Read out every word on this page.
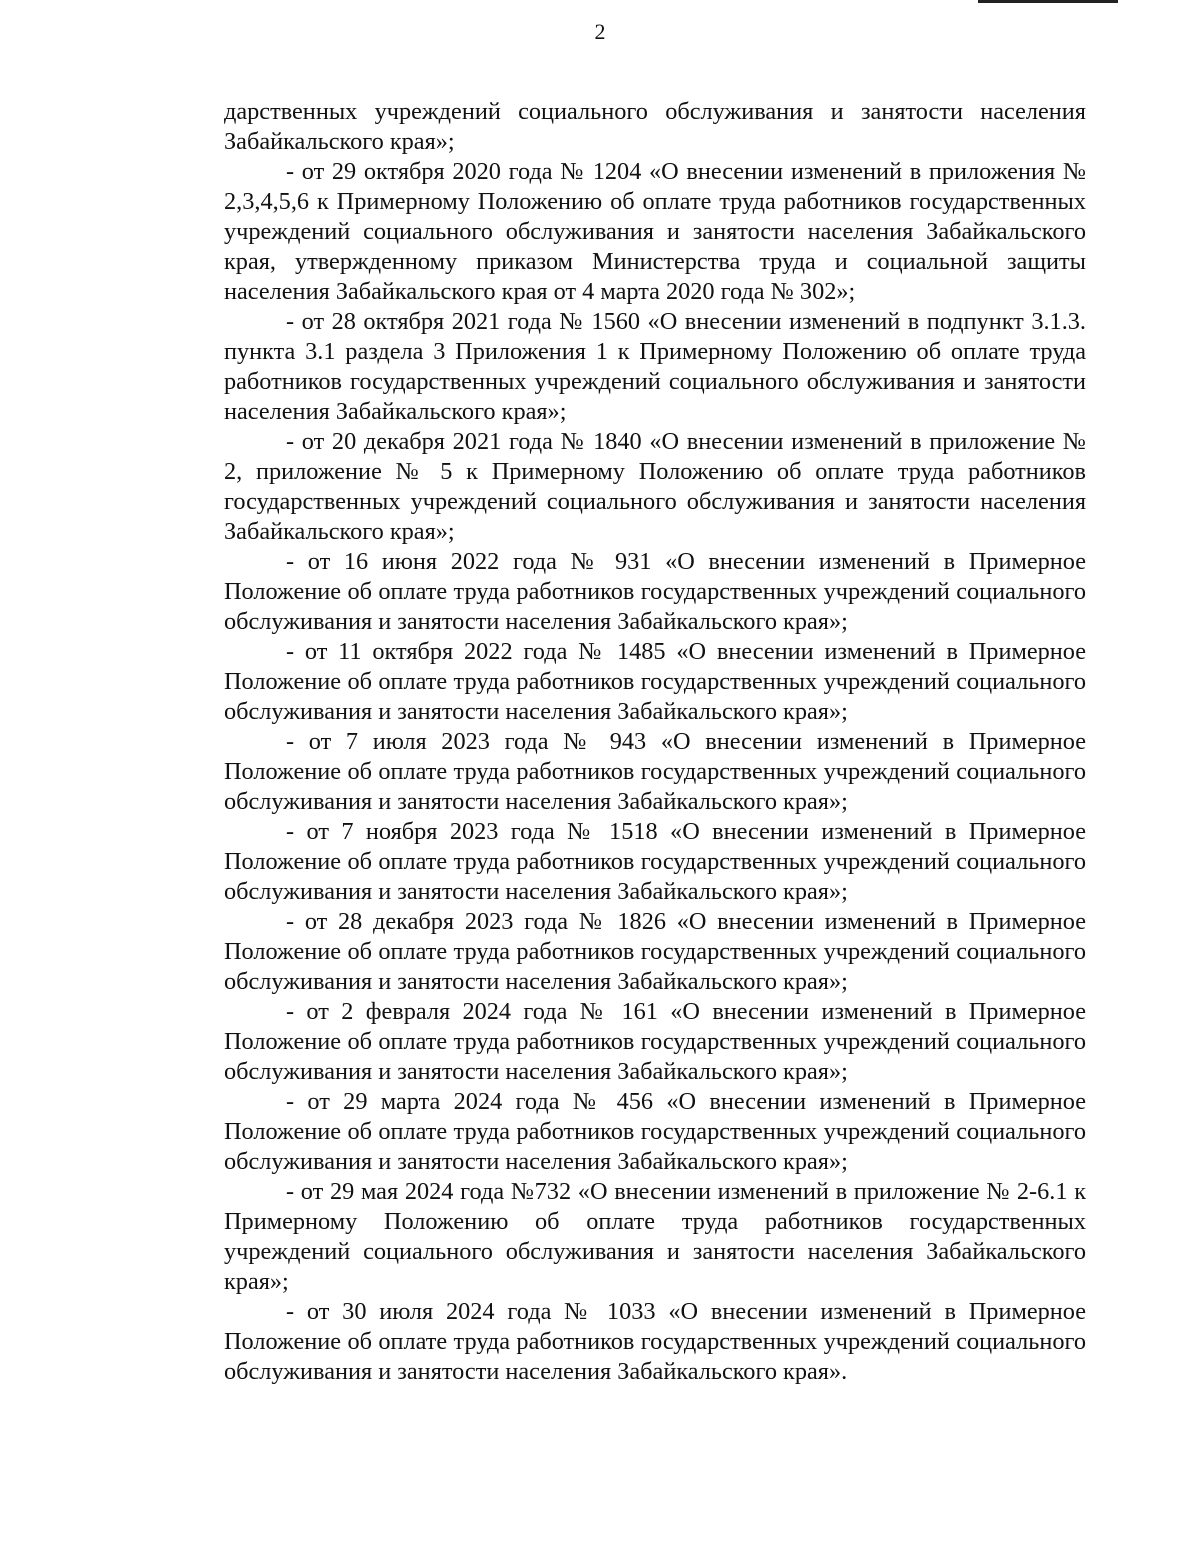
2

дарственных учреждений социального обслуживания и занятости населения Забайкальского края»;

- от 29 октября 2020 года № 1204 «О внесении изменений в приложения № 2,3,4,5,6 к Примерному Положению об оплате труда работников государственных учреждений социального обслуживания и занятости населения Забайкальского края, утвержденному приказом Министерства труда и социальной защиты населения Забайкальского края от 4 марта 2020 года № 302»;

- от 28 октября 2021 года № 1560 «О внесении изменений в подпункт 3.1.3. пункта 3.1 раздела 3 Приложения 1 к Примерному Положению об оплате труда работников государственных учреждений социального обслуживания и занятости населения Забайкальского края»;

- от 20 декабря 2021 года № 1840 «О внесении изменений в приложение № 2, приложение № 5 к Примерному Положению об оплате труда работников государственных учреждений социального обслуживания и занятости населения Забайкальского края»;

- от 16 июня 2022 года № 931 «О внесении изменений в Примерное Положение об оплате труда работников государственных учреждений социального обслуживания и занятости населения Забайкальского края»;

- от 11 октября 2022 года № 1485 «О внесении изменений в Примерное Положение об оплате труда работников государственных учреждений социального обслуживания и занятости населения Забайкальского края»;

- от 7 июля 2023 года № 943 «О внесении изменений в Примерное Положение об оплате труда работников государственных учреждений социального обслуживания и занятости населения Забайкальского края»;

- от 7 ноября 2023 года № 1518 «О внесении изменений в Примерное Положение об оплате труда работников государственных учреждений социального обслуживания и занятости населения Забайкальского края»;

- от 28 декабря 2023 года № 1826 «О внесении изменений в Примерное Положение об оплате труда работников государственных учреждений социального обслуживания и занятости населения Забайкальского края»;

- от 2 февраля 2024 года № 161 «О внесении изменений в Примерное Положение об оплате труда работников государственных учреждений социального обслуживания и занятости населения Забайкальского края»;

- от 29 марта 2024 года № 456 «О внесении изменений в Примерное Положение об оплате труда работников государственных учреждений социального обслуживания и занятости населения Забайкальского края»;

- от 29 мая 2024 года №732 «О внесении изменений в приложение № 2-6.1 к Примерному Положению об оплате труда работников государственных учреждений социального обслуживания и занятости населения Забайкальского края»;

- от 30 июля 2024 года № 1033 «О внесении изменений в Примерное Положение об оплате труда работников государственных учреждений социального обслуживания и занятости населения Забайкальского края».
